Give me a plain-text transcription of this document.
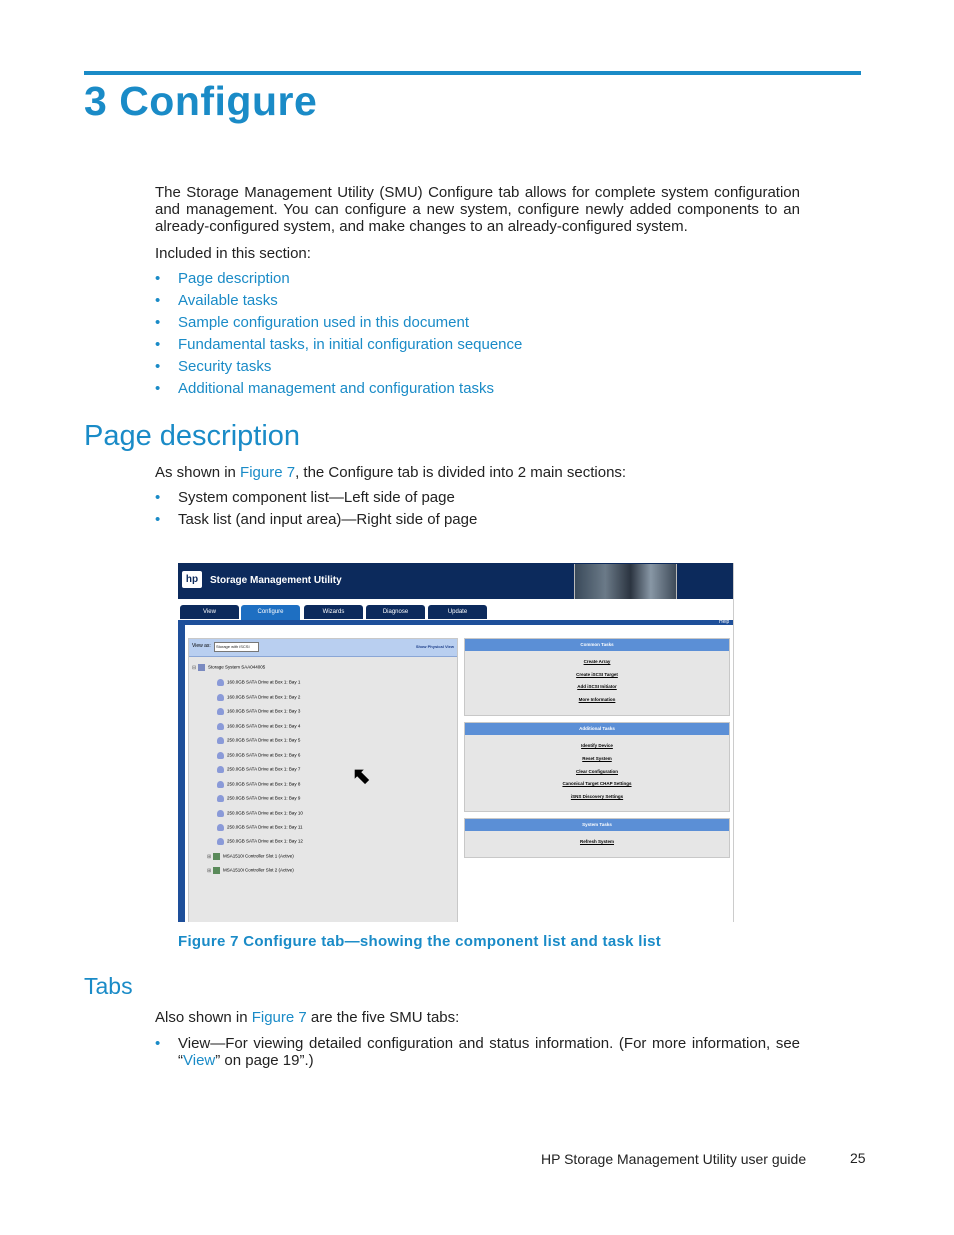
3 Configure

The Storage Management Utility (SMU) Configure tab allows for complete system configuration and management. You can configure a new system, configure newly added components to an already-configured system, and make changes to an already-configured system.

Included in this section:

• Page description
• Available tasks
• Sample configuration used in this document
• Fundamental tasks, in initial configuration sequence
• Security tasks
• Additional management and configuration tasks
Page description

As shown in Figure 7, the Configure tab is divided into 2 main sections:

• System component list—Left side of page
• Task list (and input area)—Right side of page
hp	Storage Management Utility
View	Configure	Wizards	Diagnose	Update
Help
View as:	Storage with iSCSI	Show Physical View
⊟	Storage System SAA044005
160.0GB SATA Drive at Box 1: Bay 1
160.0GB SATA Drive at Box 1: Bay 2
160.0GB SATA Drive at Box 1: Bay 3
160.0GB SATA Drive at Box 1: Bay 4
250.0GB SATA Drive at Box 1: Bay 5
250.0GB SATA Drive at Box 1: Bay 6
250.0GB SATA Drive at Box 1: Bay 7
250.0GB SATA Drive at Box 1: Bay 8
250.0GB SATA Drive at Box 1: Bay 9
250.0GB SATA Drive at Box 1: Bay 10
250.0GB SATA Drive at Box 1: Bay 11
250.0GB SATA Drive at Box 1: Bay 12
⊞	MSA1510i Controller Slot 1 (Active)
⊞	MSA1510i Controller Slot 2 (Active)
⬉
Common Tasks
Create Array
Create iSCSI Target
Add iSCSI Initiator
More Information
Additional Tasks
Identify Device
Reset System
Clear Configuration
Canonical Target CHAP Settings
iSNS Discovery Settings
System Tasks
Refresh System
Figure 7 Configure tab—showing the component list and task list
Tabs

Also shown in Figure 7 are the five SMU tabs:

• View—For viewing detailed configuration and status information. (For more information, see “View” on page 19”.)

HP Storage Management Utility user guide	25
